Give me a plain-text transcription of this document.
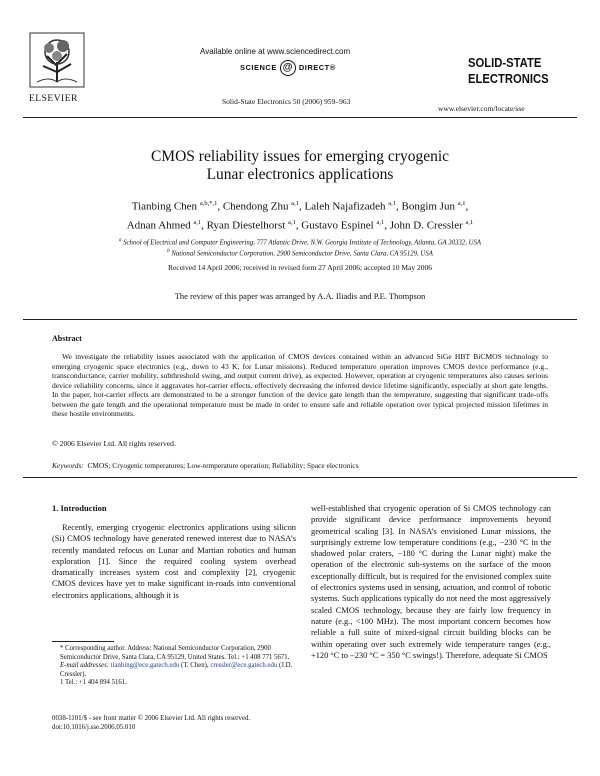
ELSEVIER
Available online at www.sciencedirect.com
SCIENCE @ DIRECT®
Solid-State Electronics 50 (2006) 959–963
SOLID-STATE
ELECTRONICS
www.elsevier.com/locate/sse
CMOS reliability issues for emerging cryogenic
Lunar electronics applications
Tianbing Chen $^{a,b,*,1}$, Chendong Zhu $^{a,1}$, Laleh Najafizadeh $^{a,1}$, Bongim Jun $^{a,1}$,
Adnan Ahmed $^{a,1}$, Ryan Diestelhorst $^{a,1}$, Gustavo Espinel $^{a,1}$, John D. Cressler $^{a,1}$
$^a$ School of Electrical and Computer Engineering, 777 Atlantic Drive, N.W. Georgia Institute of Technology, Atlanta, GA 30332, USA
$^b$ National Semiconductor Corporation, 2900 Semiconductor Drive, Santa Clara, CA 95129, USA
Received 14 April 2006; received in revised form 27 April 2006; accepted 10 May 2006
The review of this paper was arranged by A.A. Iliadis and P.E. Thompson
Abstract
We investigate the reliability issues associated with the application of CMOS devices contained within an advanced SiGe HBT BiCMOS technology to emerging cryogenic space electronics (e.g., down to 43 K, for Lunar missions). Reduced temperature operation improves CMOS device performance (e.g., transconductance, carrier mobility, subthreshold swing, and output current drive), as expected. However, operation at cryogenic temperatures also causes serious device reliability concerns, since it aggravates hot-carrier effects, effectively decreasing the inferred device lifetime significantly, especially at short gate lengths. In the paper, hot-carrier effects are demonstrated to be a stronger function of the device gate length than the temperature, suggesting that significant trade-offs between the gate length and the operational temperature must be made in order to ensure safe and reliable operation over typical projected mission lifetimes in these hostile environments.
© 2006 Elsevier Ltd. All rights reserved.
Keywords: CMOS; Cryogenic temperatures; Low-temperature operation; Reliability; Space electronics
1. Introduction
Recently, emerging cryogenic electronics applications using silicon (Si) CMOS technology have generated renewed interest due to NASA’s recently mandated refocus on Lunar and Martian robotics and human exploration [1]. Since the required cooling system overhead dramatically increases system cost and complexity [2], cryogenic CMOS devices have yet to make significant in-roads into conventional electronics applications, although it is
well-established that cryogenic operation of Si CMOS technology can provide significant device performance improvements beyond geometrical scaling [3]. In NASA’s envisioned Lunar missions, the surprisingly extreme low temperature conditions (e.g., −230 °C in the shadowed polar craters, −180 °C during the Lunar night) make the operation of the electronic sub-systems on the surface of the moon exceptionally difficult, but is required for the envisioned complex suite of electronics systems used in sensing, actuation, and control of robotic systems. Such applications typically do not need the most aggressively scaled CMOS technology, because they are fairly low frequency in nature (e.g., <100 MHz). The most important concern becomes how reliable a full suite of mixed-signal circuit building blocks can be within operating over such extremely wide temperature ranges (e.g., +120 °C to −230 °C = 350 °C swings!). Therefore, adequate Si CMOS
* Corresponding author. Address: National Semiconductor Corporation, 2900 Semiconductor Drive, Santa Clara, CA 95129, United States. Tel.: +1 408 771 5671.
E-mail addresses: tianbing@ece.gatech.edu (T. Chen), cressler@ece.gatech.edu (J.D. Cressler).
1 Tel.: +1 404 894 5161.
0038-1101/$ - see front matter © 2006 Elsevier Ltd. All rights reserved.
doi:10.1016/j.sse.2006.05.010
